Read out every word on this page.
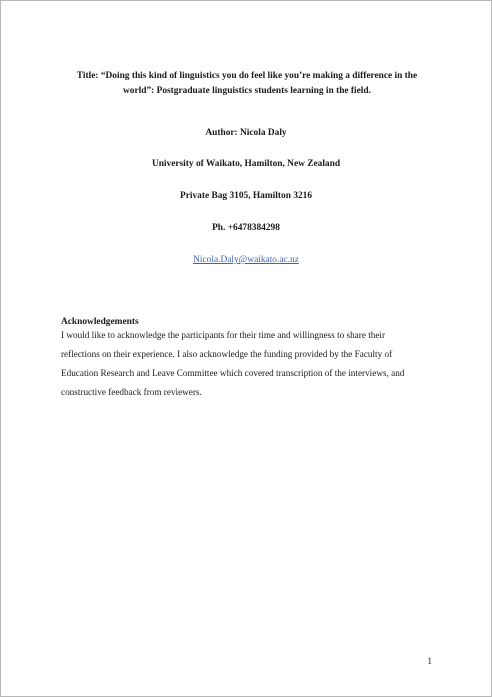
Title: “Doing this kind of linguistics you do feel like you’re making a difference in the world”: Postgraduate linguistics students learning in the field.
Author: Nicola Daly
University of Waikato, Hamilton, New Zealand
Private Bag 3105, Hamilton 3216
Ph. +6478384298
Nicola.Daly@waikato.ac.nz
Acknowledgements
I would like to acknowledge the participants for their time and willingness to share their
reflections on their experience. I also acknowledge the funding provided by the Faculty of
Education Research and Leave Committee which covered transcription of the interviews, and
constructive feedback from reviewers.
1
